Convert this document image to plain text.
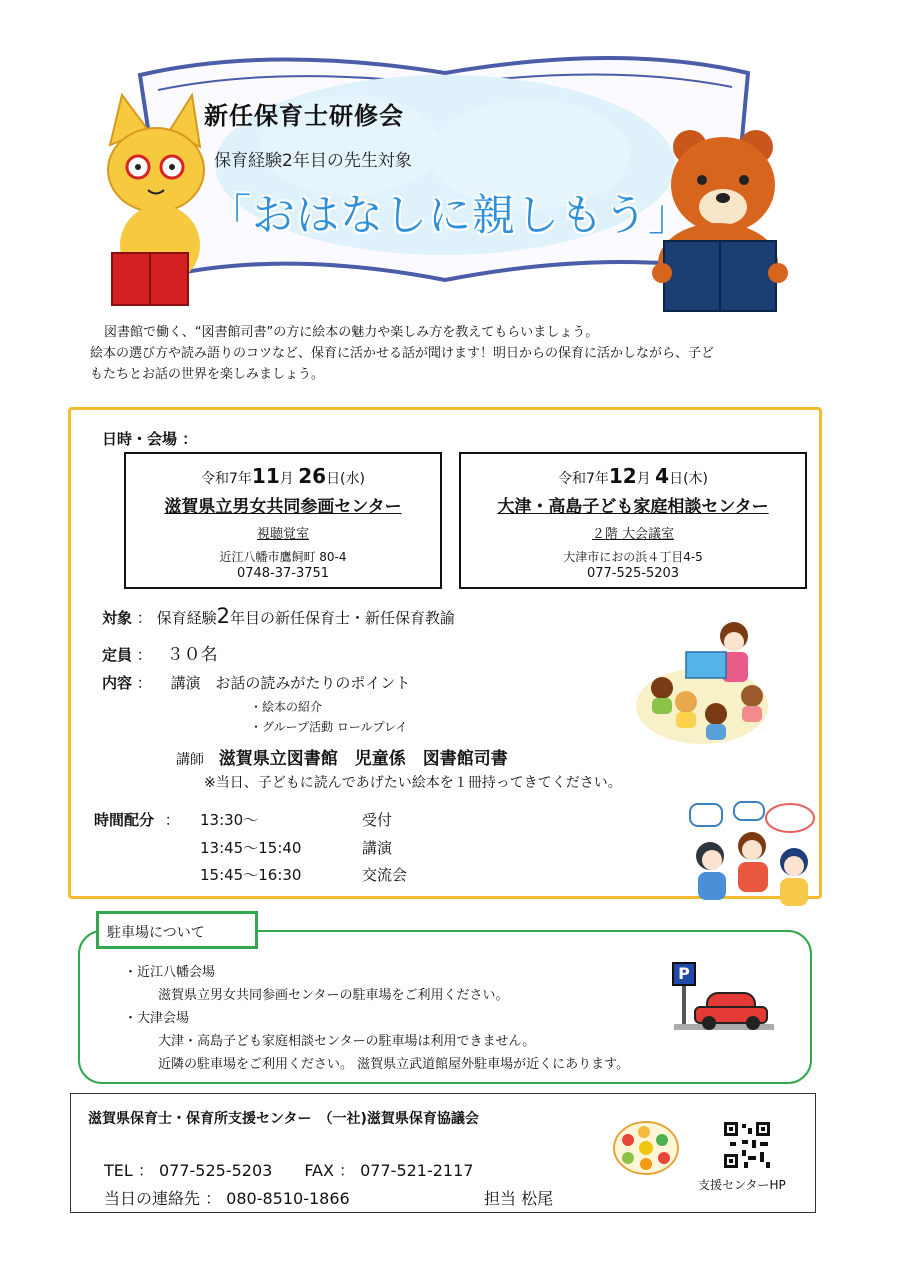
新任保育士研修会
保育経験2年目の先生対象
「おはなしに親しもう」

図書館で働く、“図書館司書”の方に絵本の魅力や楽しみ方を教えてもらいましょう。

絵本の選び方や読み語りのコツなど、保育に活かせる話が聞けます！明日からの保育に活かしながら、子ど

もたちとお話の世界を楽しみましょう。

日時・会場 ：
令和7年11月 26日(水)
滋賀県立男女共同参画センター
視聴覚室
近江八幡市鷹飼町 80-4
0748-37-3751
令和7年12月 4日(木)
大津・高島子ども家庭相談センター
２階 大会議室
大津市におの浜４丁目4-5
077-525-5203
対象 ： 保育経験2年目の新任保育士・新任保育教諭
定員 ： ３０名
内容 ： 講演 お話の読みがたりのポイント
・絵本の紹介
・グループ活動 ロールプレイ
講師 滋賀県立図書館　児童係　図書館司書
※当日、子どもに読んであげたい絵本を１冊持ってきてください。
時間配分 ： 13:30～	受付
13:45～15:40	講演
15:45～16:30	交流会
駐車場について
・近江八幡会場
滋賀県立男女共同参画センターの駐車場をご利用ください。
・大津会場
大津・高島子ども家庭相談センターの駐車場は利用できません。
近隣の駐車場をご利用ください。 滋賀県立武道館屋外駐車場が近くにあります。
P
滋賀県保育士・保育所支援センター　（一社)滋賀県保育協議会
TEL ： 077-525-5203　　FAX ： 077-521-2117
当日の連絡先 ： 080-8510-1866	担当 松尾
支援センターHP
